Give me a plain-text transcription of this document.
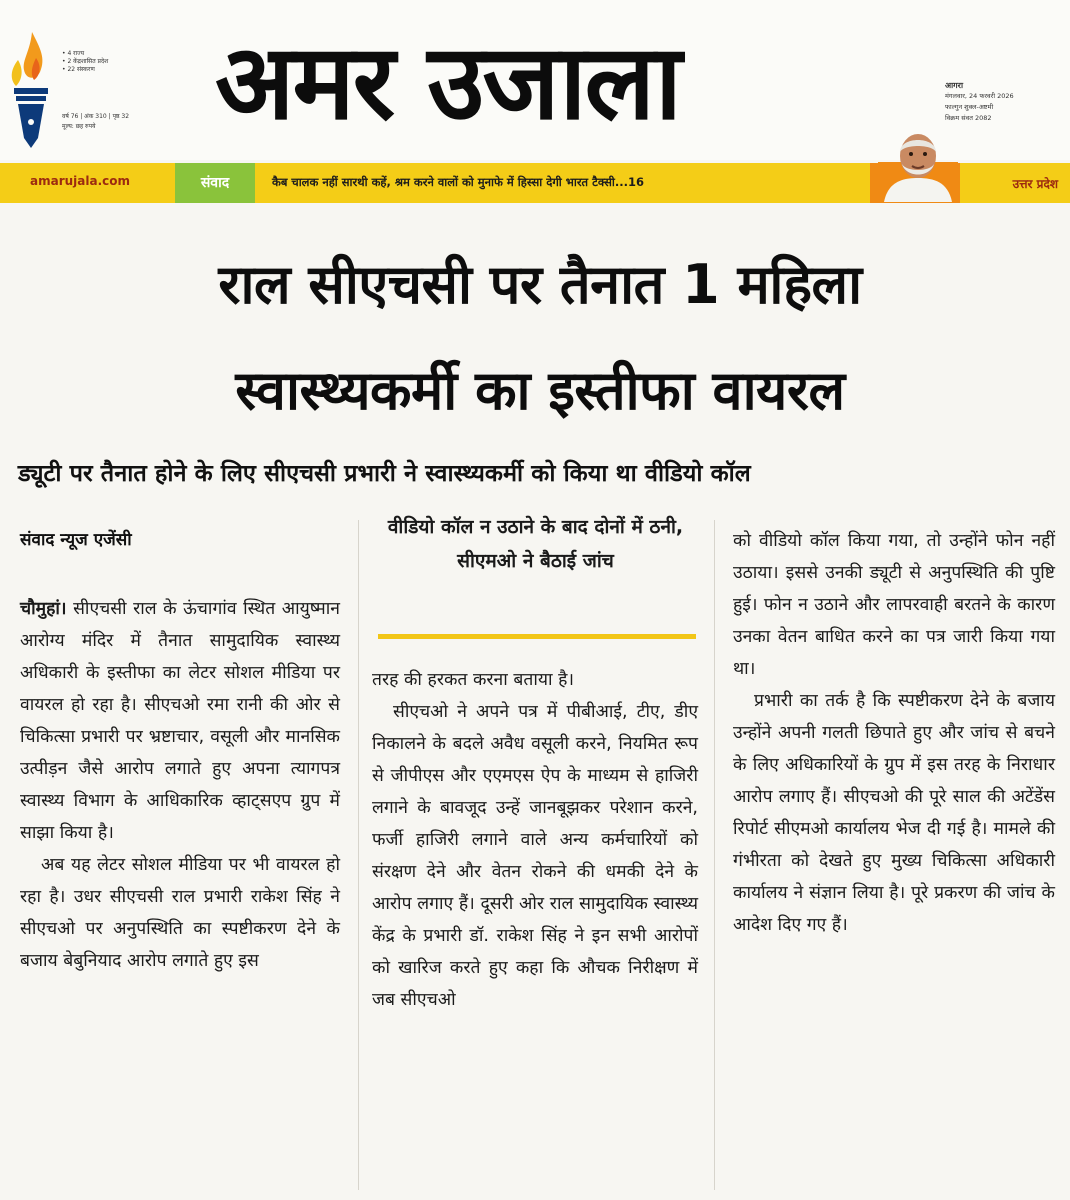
• 4 राज्य
• 2 केंद्रशासित प्रदेश
• 22 संस्करण
वर्ष 76 | अंक 310 | पृष्ठ 32
मूल्य: छह रुपये	अमर उजाला	आगरा
मंगलवार, 24 फरवरी 2026
फाल्गुन शुक्ल-अष्टमी
विक्रम संवत 2082
amarujala.com	संवाद	कैब चालक नहीं सारथी कहें, श्रम करने वालों को मुनाफे में हिस्सा देगी भारत टैक्सी...16	उत्तर प्रदेश
राल सीएचसी पर तैनात 1 महिला
स्वास्थ्यकर्मी का इस्तीफा वायरल
ड्यूटी पर तैनात होने के लिए सीएचसी प्रभारी ने स्वास्थ्यकर्मी को किया था वीडियो कॉल
संवाद न्यूज एजेंसी

चौमुहां। सीएचसी राल के ऊंचागांव स्थित आयुष्मान आरोग्य मंदिर में तैनात सामुदायिक स्वास्थ्य अधिकारी के इस्तीफा का लेटर सोशल मीडिया पर वायरल हो रहा है। सीएचओ रमा रानी की ओर से चिकित्सा प्रभारी पर भ्रष्टाचार, वसूली और मानसिक उत्पीड़न जैसे आरोप लगाते हुए अपना त्यागपत्र स्वास्थ्य विभाग के आधिकारिक व्हाट्सएप ग्रुप में साझा किया है।

अब यह लेटर सोशल मीडिया पर भी वायरल हो रहा है। उधर सीएचसी राल प्रभारी राकेश सिंह ने सीएचओ पर अनुपस्थिति का स्पष्टीकरण देने के बजाय बेबुनियाद आरोप लगाते हुए इस

वीडियो कॉल न उठाने के बाद दोनों में ठनी, सीएमओ ने बैठाई जांच

तरह की हरकत करना बताया है।

सीएचओ ने अपने पत्र में पीबीआई, टीए, डीए निकालने के बदले अवैध वसूली करने, नियमित रूप से जीपीएस और एएमएस ऐप के माध्यम से हाजिरी लगाने के बावजूद उन्हें जानबूझकर परेशान करने, फर्जी हाजिरी लगाने वाले अन्य कर्मचारियों को संरक्षण देने और वेतन रोकने की धमकी देने के आरोप लगाए हैं। दूसरी ओर राल सामुदायिक स्वास्थ्य केंद्र के प्रभारी डॉ. राकेश सिंह ने इन सभी आरोपों को खारिज करते हुए कहा कि औचक निरीक्षण में जब सीएचओ

को वीडियो कॉल किया गया, तो उन्होंने फोन नहीं उठाया। इससे उनकी ड्यूटी से अनुपस्थिति की पुष्टि हुई। फोन न उठाने और लापरवाही बरतने के कारण उनका वेतन बाधित करने का पत्र जारी किया गया था।

प्रभारी का तर्क है कि स्पष्टीकरण देने के बजाय उन्होंने अपनी गलती छिपाते हुए और जांच से बचने के लिए अधिकारियों के ग्रुप में इस तरह के निराधार आरोप लगाए हैं। सीएचओ की पूरे साल की अटेंडेंस रिपोर्ट सीएमओ कार्यालय भेज दी गई है। मामले की गंभीरता को देखते हुए मुख्य चिकित्सा अधिकारी कार्यालय ने संज्ञान लिया है। पूरे प्रकरण की जांच के आदेश दिए गए हैं।
